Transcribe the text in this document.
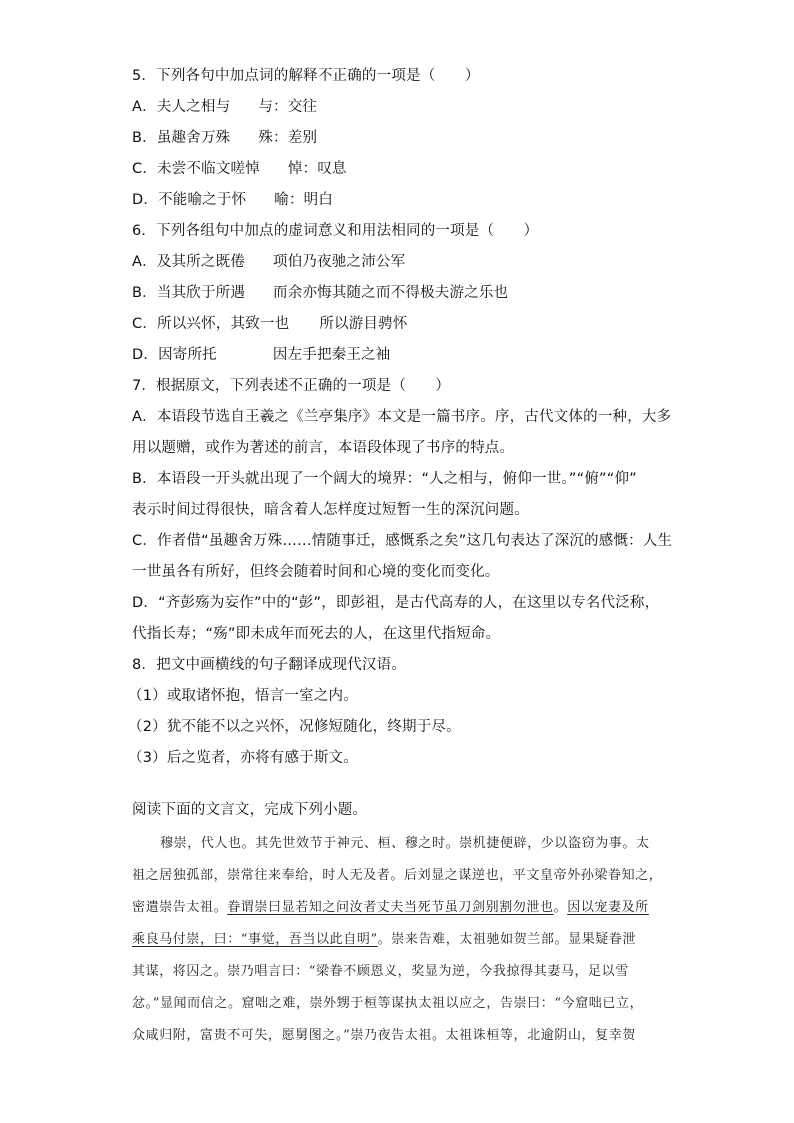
5．下列各句中加点词的解释不正确的一项是（　　）
A．夫人之相与 与：交往
B．虽趣舍万殊 殊：差别
C．未尝不临文嗟悼 悼：叹息
D．不能喻之于怀 喻：明白
6．下列各组句中加点的虚词意义和用法相同的一项是（　　）
A．及其所之既倦 项伯乃夜驰之沛公军
B．当其欣于所遇 而余亦悔其随之而不得极夫游之乐也
C．所以兴怀，其致一也 所以游目骋怀
D．因寄所托	因左手把秦王之袖
7．根据原文，下列表述不正确的一项是（　　）
A．本语段节选自王羲之《兰亭集序》本文是一篇书序。序，古代文体的一种，大多
用以题赠，或作为著述的前言，本语段体现了书序的特点。
B．本语段一开头就出现了一个阔大的境界：“人之相与，俯仰一世。”“俯”“仰”
表示时间过得很快，暗含着人怎样度过短暂一生的深沉问题。
C．作者借“虽趣舍万殊……情随事迁，感慨系之矣”这几句表达了深沉的感慨：人生
一世虽各有所好，但终会随着时间和心境的变化而变化。
D．“齐彭殇为妄作”中的“彭”，即彭祖，是古代高寿的人，在这里以专名代泛称，
代指长寿；“殇”即未成年而死去的人，在这里代指短命。
8．把文中画横线的句子翻译成现代汉语。
（1）或取诸怀抱，悟言一室之内。
（2）犹不能不以之兴怀，况修短随化，终期于尽。
（3）后之览者，亦将有感于斯文。
阅读下面的文言文，完成下列小题。
穆崇，代人也。其先世效节于神元、桓、穆之时。崇机捷便辟，少以盗窃为事。太
祖之居独孤部，崇常往来奉给，时人无及者。后刘显之谋逆也，平文皇帝外孙梁眷知之，
密遣崇告太祖。眷谓崇曰显若知之问汝者丈夫当死节虽刀剑别割勿泄也。因以宠妻及所
乘良马付崇，曰：“事觉，吾当以此自明”。崇来告难，太祖驰如贺兰部。显果疑眷泄
其谋，将囚之。崇乃唱言曰：“梁眷不顾恩义，奖显为逆，今我掠得其妻马，足以雪
忿。”显闻而信之。窟咄之难，崇外甥于桓等谋执太祖以应之，告崇曰：“今窟咄已立，
众咸归附，富贵不可失，愿舅图之。”崇乃夜告太祖。太祖诛桓等，北逾阴山，复幸贺
